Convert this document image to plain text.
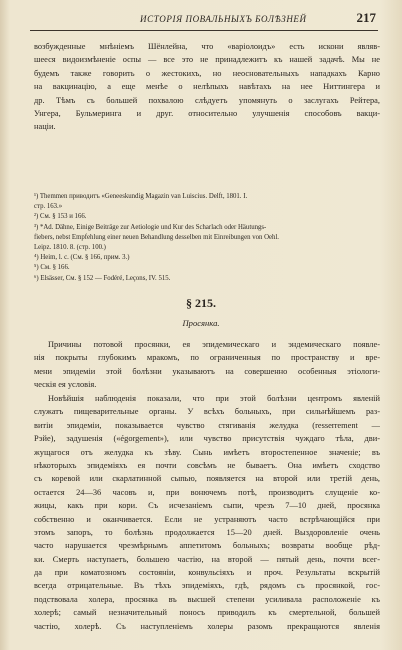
ИСТОРІЯ ПОВАЛЬНЫХЪ БОЛѢЗНЕЙ	217
возбужденные мнѣніемъ Шёнлейна, что «варіолоидъ» есть искони являв-
шееся видоизмѣненіе оспы — все это не принадлежитъ къ нашей задачѣ. Мы не
будемъ также говорить о жестокихъ, но неосновательныхъ нападкахъ Карно
на вакцинацію, а еще менѣе о нелѣпыхъ навѣтахъ на нее Ниттингера и
др. Тѣмъ съ большей похвалою слѣдуетъ упомянуть о заслугахъ Рейтера,
Унгера, Бульмеринга и друг. относительно улучшенія способовъ вакци-
націи.
¹) Themmen приводитъ «Geneeskundig Magazin van Luiscius. Delft, 1801. I.
стр. 163.»
²) См. § 153 и 166.
³) *Ad. Dähne, Einige Beiträge zur Aetiologie und Kur des Scharlach oder Häutungs-
fiebers, nebst Empfehlung einer neuen Behandlung desselben mit Einreibungen von Oehl.
Leipz. 1810. 8. (стр. 100.)
⁴) Heim, l. c. (См. § 166, прим. 3.)
⁵) См. § 166.
⁶) Elsässer, См. § 152 — Fodéré, Leçons, IV. 515.
§ 215.
Просянка.
Причины потовой просянки, ея эпидемическаго и эндемическаго появле-
нія покрыты глубокимъ мракомъ, по ограниченныя по пространству и вре-
мени эпидеміи этой болѣзни указываютъ на совершенно особенныя этіологи-
ческія ея условія.
Новѣйшія наблюденія показали, что при этой болѣзни центромъ явленій
служатъ пищеварительные органы. У всѣхъ больныхъ, при сильнѣйшемъ раз-
витіи эпидеміи, показывается чувство стягиванія желудка (resserrement —
Рэйе), задушенія («égorgement»), или чувство присутствія чуждаго тѣла, дви-
жущагося отъ желудка къ зѣву. Сынь имѣетъ второстепенное значеніе; въ
нѣкоторыхъ эпидеміяхъ ея почти совсѣмъ не бываетъ. Она имѣетъ сходство
съ коревой или скарлатинной сыпью, появляется на второй или третій день,
остается 24—36 часовъ и, при вонючемъ потѣ, производитъ слущеніе ко-
жицы, какъ при кори. Съ исчезаніемъ сыпи, чрезъ 7—10 дней, просянка
собственно и оканчивается. Если не устраняютъ часто встрѣчающійся при
этомъ запоръ, то болѣзнь продолжается 15—20 дней. Выздоровленіе очень
часто нарушается чрезмѣрнымъ аппетитомъ больныхъ; возвраты вообще рѣд-
ки. Смерть наступаетъ, большею частію, на второй — пятый день, почти всег-
да при коматозномъ состояніи, конвульсіяхъ и проч. Результаты вскрытій
всегда отрицательные. Въ тѣхъ эпидеміяхъ, гдѣ, рядомъ съ просянкой, гос-
подствовала холера, просянка въ высшей степени усиливала расположеніе къ
холерѣ; самый незначительный поносъ приводилъ къ смертельной, большей
частію, холерѣ. Съ наступленіемъ холеры разомъ прекращаются явленія
